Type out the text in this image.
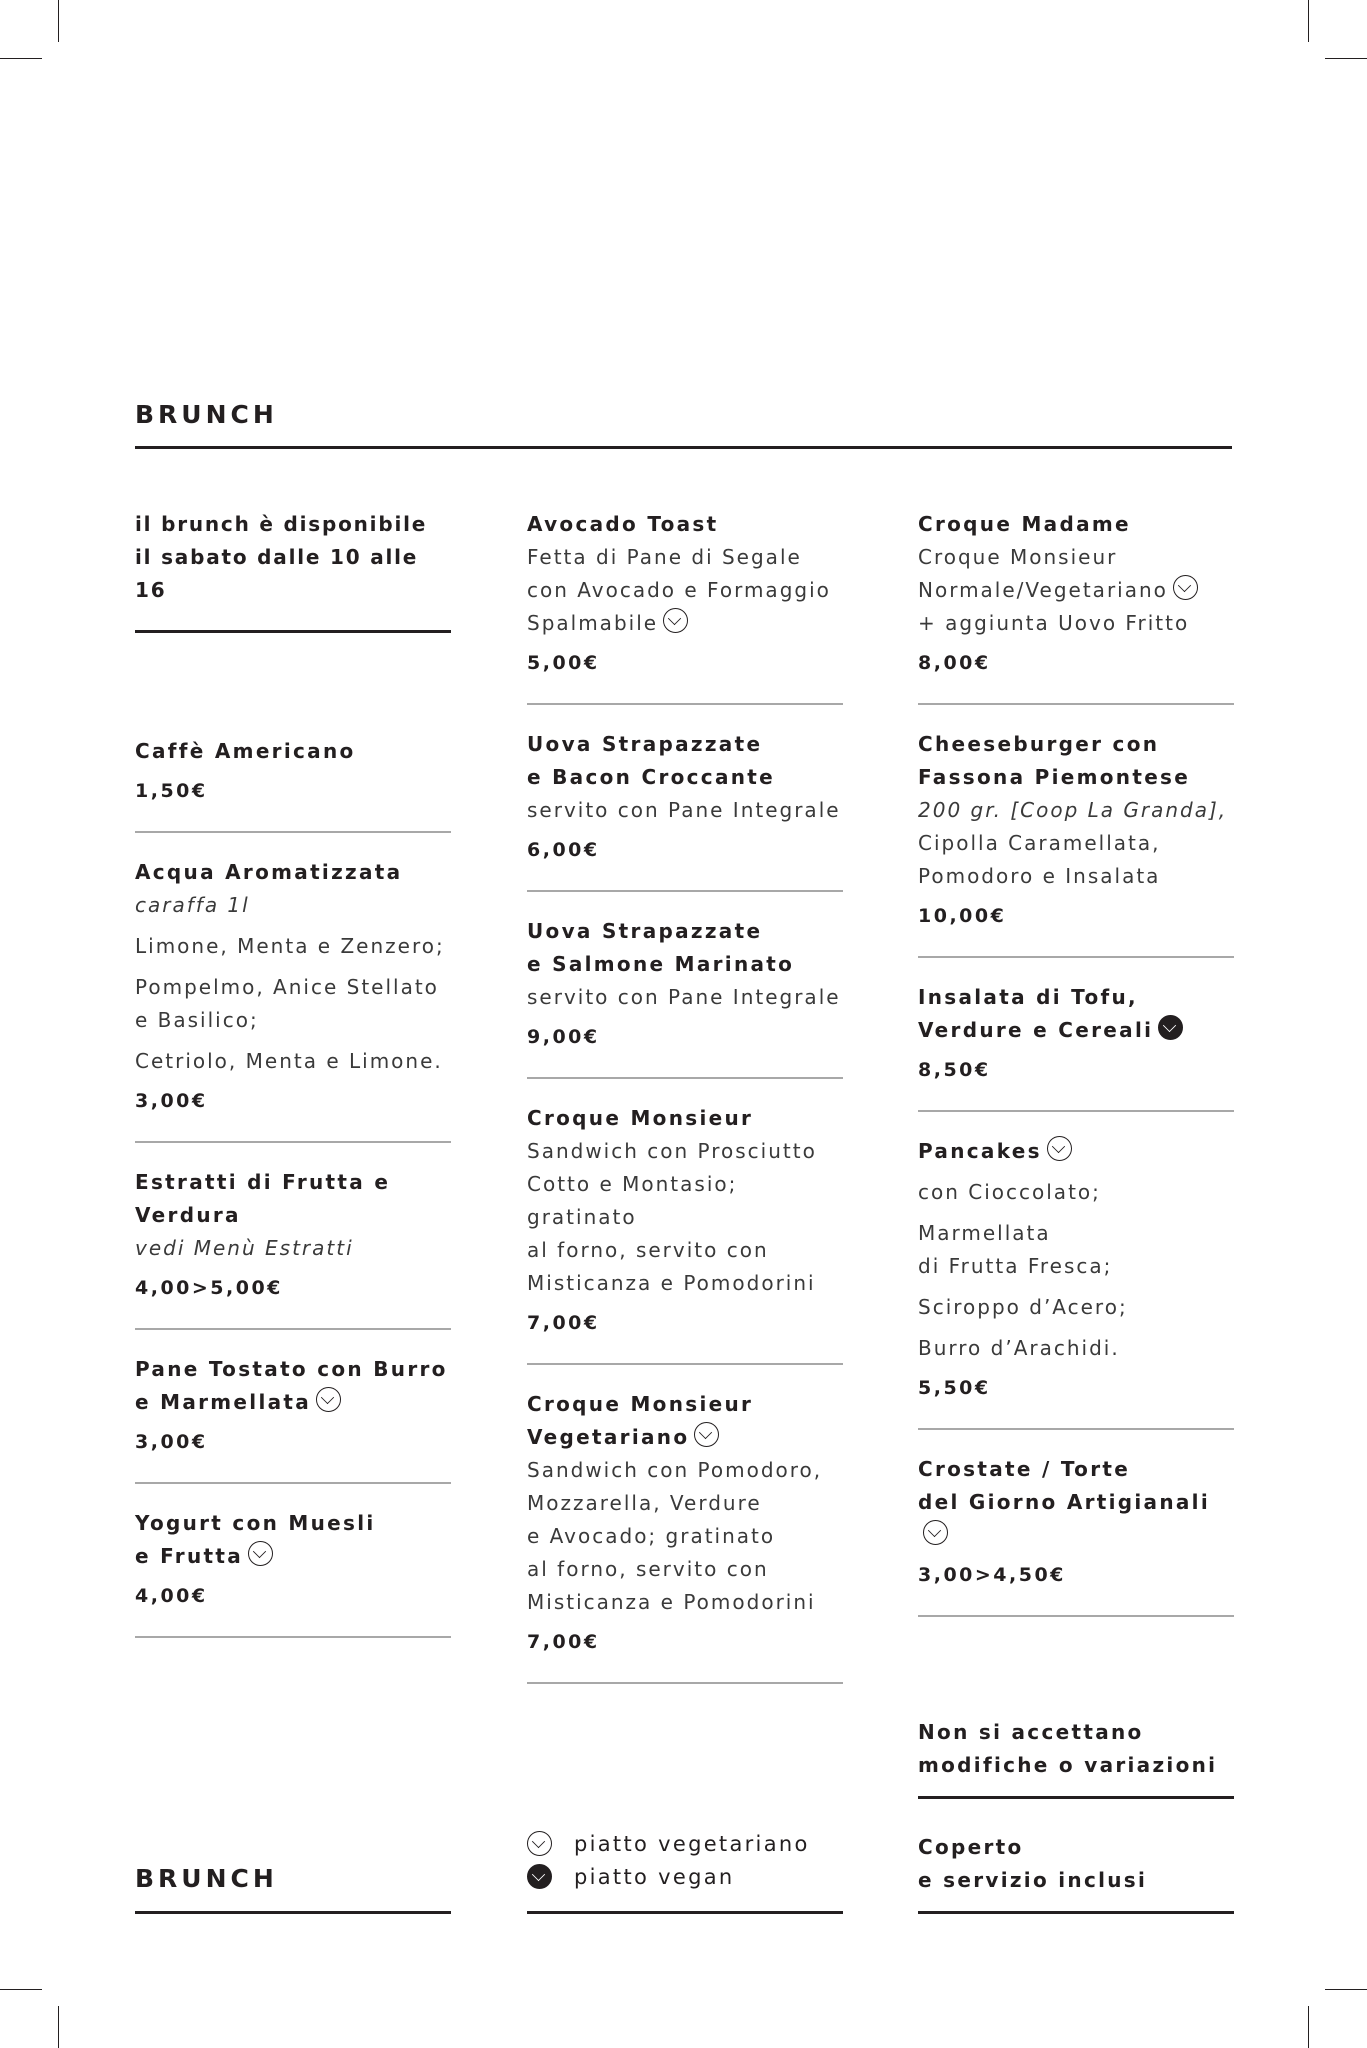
BRUNCH
il brunch è disponibile
il sabato dalle 10 alle 16
Caffè Americano
1,50€
Acqua Aromatizzata
caraffa 1l
Limone, Menta e Zenzero;
Pompelmo, Anice Stellato
e Basilico;
Cetriolo, Menta e Limone.
3,00€
Estratti di Frutta e Verdura
vedi Menù Estratti
4,00>5,00€
Pane Tostato con Burro
e Marmellata
3,00€
Yogurt con Muesli
e Frutta
4,00€
Avocado Toast
Fetta di Pane di Segale
con Avocado e Formaggio
Spalmabile
5,00€
Uova Strapazzate
e Bacon Croccante
servito con Pane Integrale
6,00€
Uova Strapazzate
e Salmone Marinato
servito con Pane Integrale
9,00€
Croque Monsieur
Sandwich con Prosciutto
Cotto e Montasio; gratinato
al forno, servito con
Misticanza e Pomodorini
7,00€
Croque Monsieur
Vegetariano
Sandwich con Pomodoro,
Mozzarella, Verdure
e Avocado; gratinato
al forno, servito con
Misticanza e Pomodorini
7,00€
Croque Madame
Croque Monsieur
Normale/Vegetariano
+ aggiunta Uovo Fritto
8,00€
Cheeseburger con
Fassona Piemontese
200 gr. [Coop La Granda],
Cipolla Caramellata,
Pomodoro e Insalata
10,00€
Insalata di Tofu,
Verdure e Cereali
8,50€
Pancakes
con Cioccolato;
Marmellata
di Frutta Fresca;
Sciroppo d’Acero;
Burro d’Arachidi.
5,50€
Crostate / Torte
del Giorno Artigianali
3,00>4,50€
Non si accettano
modifiche o variazioni
BRUNCH
piatto vegetariano
piatto vegan
Coperto
e servizio inclusi
